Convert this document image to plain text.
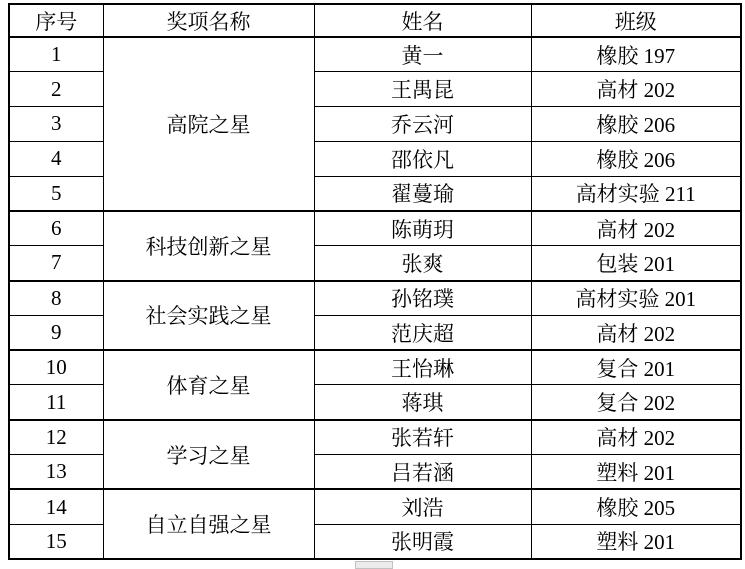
序号	奖项名称	姓名	班级
1	高院之星	黄一	橡胶 197
2		王禺昆	高材 202
3		乔云河	橡胶 206
4		邵依凡	橡胶 206
5		翟蔓瑜	高材实验 211
6	科技创新之星	陈萌玥	高材 202
7		张爽	包装 201
8	社会实践之星	孙铭璞	高材实验 201
9		范庆超	高材 202
10	体育之星	王怡琳	复合 201
11		蒋琪	复合 202
12	学习之星	张若轩	高材 202
13		吕若涵	塑料 201
14	自立自强之星	刘浩	橡胶 205
15		张明霞	塑料 201
